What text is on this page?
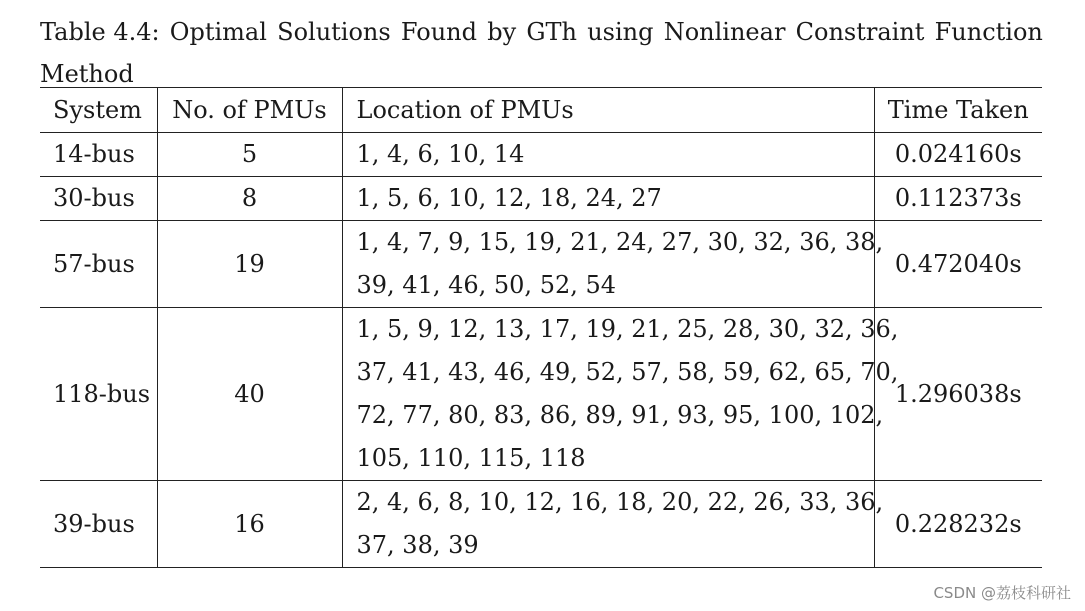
Table 4.4: Optimal Solutions Found by GTh using Nonlinear Constraint Function
Method
System	No. of PMUs	Location of PMUs	Time Taken
14-bus	5	1, 4, 6, 10, 14	0.024160s
30-bus	8	1, 5, 6, 10, 12, 18, 24, 27	0.112373s
57-bus	19	1, 4, 7, 9, 15, 19, 21, 24, 27, 30, 32, 36, 38,
39, 41, 46, 50, 52, 54	0.472040s
118-bus	40	1, 5, 9, 12, 13, 17, 19, 21, 25, 28, 30, 32, 36,
37, 41, 43, 46, 49, 52, 57, 58, 59, 62, 65, 70,
72, 77, 80, 83, 86, 89, 91, 93, 95, 100, 102,
105, 110, 115, 118	1.296038s
39-bus	16	2, 4, 6, 8, 10, 12, 16, 18, 20, 22, 26, 33, 36,
37, 38, 39	0.228232s
CSDN @荔枝科研社
